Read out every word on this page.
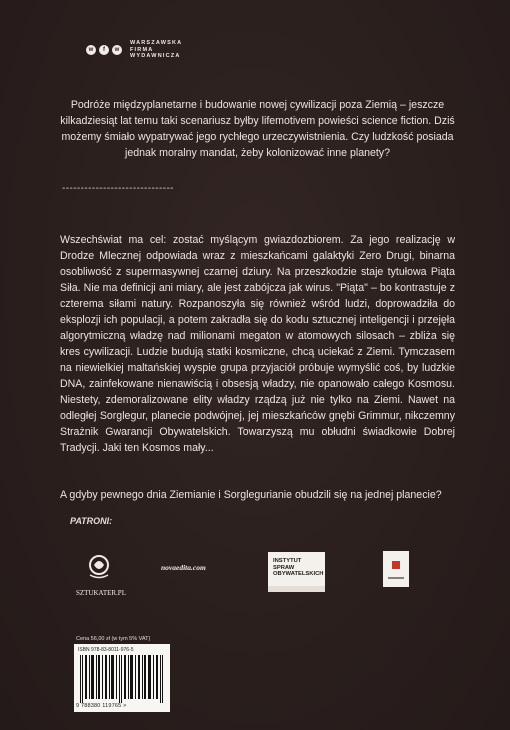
w	f	w
WARSZAWSKA
FIRMA
WYDAWNICZA

Podróże międzyplanetarne i budowanie nowej cywilizacji poza Ziemią – jeszcze kilkadziesiąt lat temu taki scenariusz byłby lifemotivem powieści science fiction. Dziś możemy śmiało wypatrywać jego rychłego urzeczywistnienia. Czy ludzkość posiada jednak moralny mandat, żeby kolonizować inne planety?

------------------------------

Wszechświat ma cel: zostać myślącym gwiazdozbiorem. Za jego realizację w Drodze Mlecznej odpowiada wraz z mieszkańcami galaktyki Zero Drugi, binarna osobliwość z supermasywnej czarnej dziury. Na przeszkodzie staje tytułowa Piąta Siła. Nie ma definicji ani miary, ale jest zabójcza jak wirus. "Piąta" – bo kontrastuje z czterema siłami natury. Rozpanoszyła się również wśród ludzi, doprowadziła do eksplozji ich populacji, a potem zakradła się do kodu sztucznej inteligencji i przejęła algorytmiczną władzę nad milionami megaton w atomowych silosach – zbliża się kres cywilizacji. Ludzie budują statki kosmiczne, chcą uciekać z Ziemi. Tymczasem na niewielkiej maltańskiej wyspie grupa przyjaciół próbuje wymyślić coś, by ludzkie DNA, zainfekowane nienawiścią i obsesją władzy, nie opanowało całego Kosmosu. Niestety, zdemoralizowane elity władzy rządzą już nie tylko na Ziemi. Nawet na odległej Sorglegur, planecie podwójnej, jej mieszkańców gnębi Grimmur, nikczemny Strażnik Gwarancji Obywatelskich. Towarzyszą mu obłudni świadkowie Dobrej Tradycji. Jaki ten Kosmos mały...

A gdyby pewnego dnia Ziemianie i Sorglegurianie obudzili się na jednej planecie?

PATRONI:
SZTUKATER.PL
novaedita.com
INSTYTUT
SPRAW
OBYWATELSKICH
Cena 56,00 zł (w tym 5% VAT)
ISBN 978-83-8011-976-5
9 788380 119765 >
